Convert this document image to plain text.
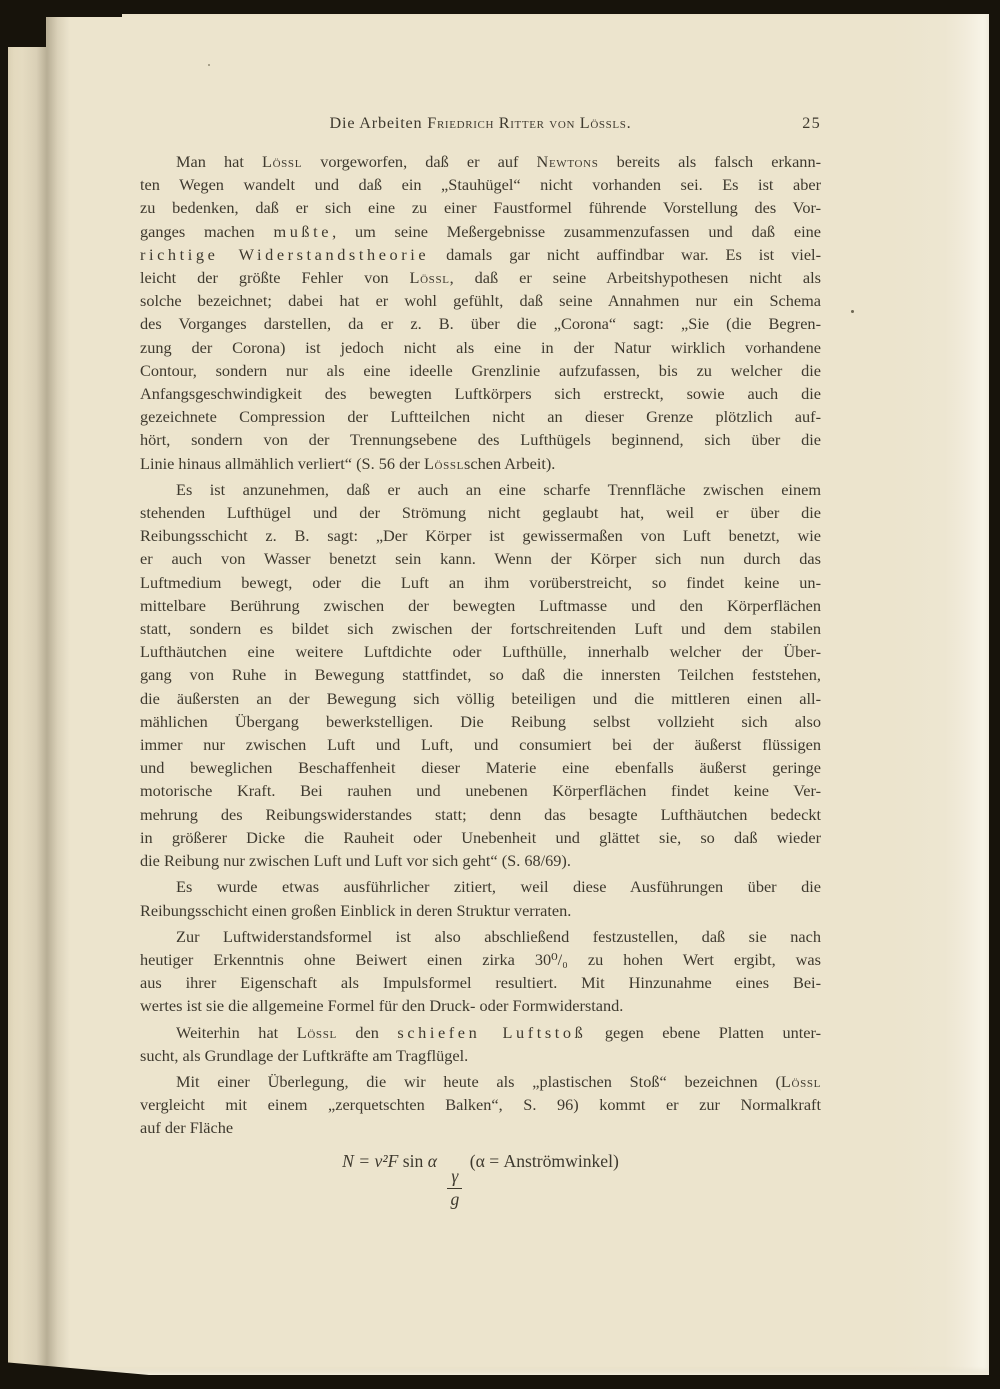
Die Arbeiten Friedrich Ritter von Lössls.	25
Man hat Lössl vorgeworfen, daß er auf Newtons bereits als falsch erkann-
ten Wegen wandelt und daß ein „Stauhügel“ nicht vorhanden sei. Es ist aber
zu bedenken, daß er sich eine zu einer Faustformel führende Vorstellung des Vor-
ganges machen mußte, um seine Meßergebnisse zusammenzufassen und daß eine
richtige Widerstandstheorie damals gar nicht auffindbar war. Es ist viel-
leicht der größte Fehler von Lössl, daß er seine Arbeitshypothesen nicht als
solche bezeichnet; dabei hat er wohl gefühlt, daß seine Annahmen nur ein Schema
des Vorganges darstellen, da er z. B. über die „Corona“ sagt: „Sie (die Begren-
zung der Corona) ist jedoch nicht als eine in der Natur wirklich vorhandene
Contour, sondern nur als eine ideelle Grenzlinie aufzufassen, bis zu welcher die
Anfangsgeschwindigkeit des bewegten Luftkörpers sich erstreckt, sowie auch die
gezeichnete Compression der Luftteilchen nicht an dieser Grenze plötzlich auf-
hört, sondern von der Trennungsebene des Lufthügels beginnend, sich über die
Linie hinaus allmählich verliert“ (S. 56 der Lösslschen Arbeit).
Es ist anzunehmen, daß er auch an eine scharfe Trennfläche zwischen einem
stehenden Lufthügel und der Strömung nicht geglaubt hat, weil er über die
Reibungsschicht z. B. sagt: „Der Körper ist gewissermaßen von Luft benetzt, wie
er auch von Wasser benetzt sein kann. Wenn der Körper sich nun durch das
Luftmedium bewegt, oder die Luft an ihm vorüberstreicht, so findet keine un-
mittelbare Berührung zwischen der bewegten Luftmasse und den Körperflächen
statt, sondern es bildet sich zwischen der fortschreitenden Luft und dem stabilen
Lufthäutchen eine weitere Luftdichte oder Lufthülle, innerhalb welcher der Über-
gang von Ruhe in Bewegung stattfindet, so daß die innersten Teilchen feststehen,
die äußersten an der Bewegung sich völlig beteiligen und die mittleren einen all-
mählichen Übergang bewerkstelligen. Die Reibung selbst vollzieht sich also
immer nur zwischen Luft und Luft, und consumiert bei der äußerst flüssigen
und beweglichen Beschaffenheit dieser Materie eine ebenfalls äußerst geringe
motorische Kraft. Bei rauhen und unebenen Körperflächen findet keine Ver-
mehrung des Reibungswiderstandes statt; denn das besagte Lufthäutchen bedeckt
in größerer Dicke die Rauheit oder Unebenheit und glättet sie, so daß wieder
die Reibung nur zwischen Luft und Luft vor sich geht“ (S. 68/69).
Es wurde etwas ausführlicher zitiert, weil diese Ausführungen über die
Reibungsschicht einen großen Einblick in deren Struktur verraten.
Zur Luftwiderstandsformel ist also abschließend festzustellen, daß sie nach
heutiger Erkenntnis ohne Beiwert einen zirka 30⁰/₀ zu hohen Wert ergibt, was
aus ihrer Eigenschaft als Impulsformel resultiert. Mit Hinzunahme eines Bei-
wertes ist sie die allgemeine Formel für den Druck- oder Formwiderstand.
Weiterhin hat Lössl den schiefen Luftstoß gegen ebene Platten unter-
sucht, als Grundlage der Luftkräfte am Tragflügel.
Mit einer Überlegung, die wir heute als „plastischen Stoß“ bezeichnen (Lössl
vergleicht mit einem „zerquetschten Balken“, S. 96) kommt er zur Normalkraft
auf der Fläche
N = v²F sin α
$\frac{\gamma}{g}$
(α = Anströmwinkel)
